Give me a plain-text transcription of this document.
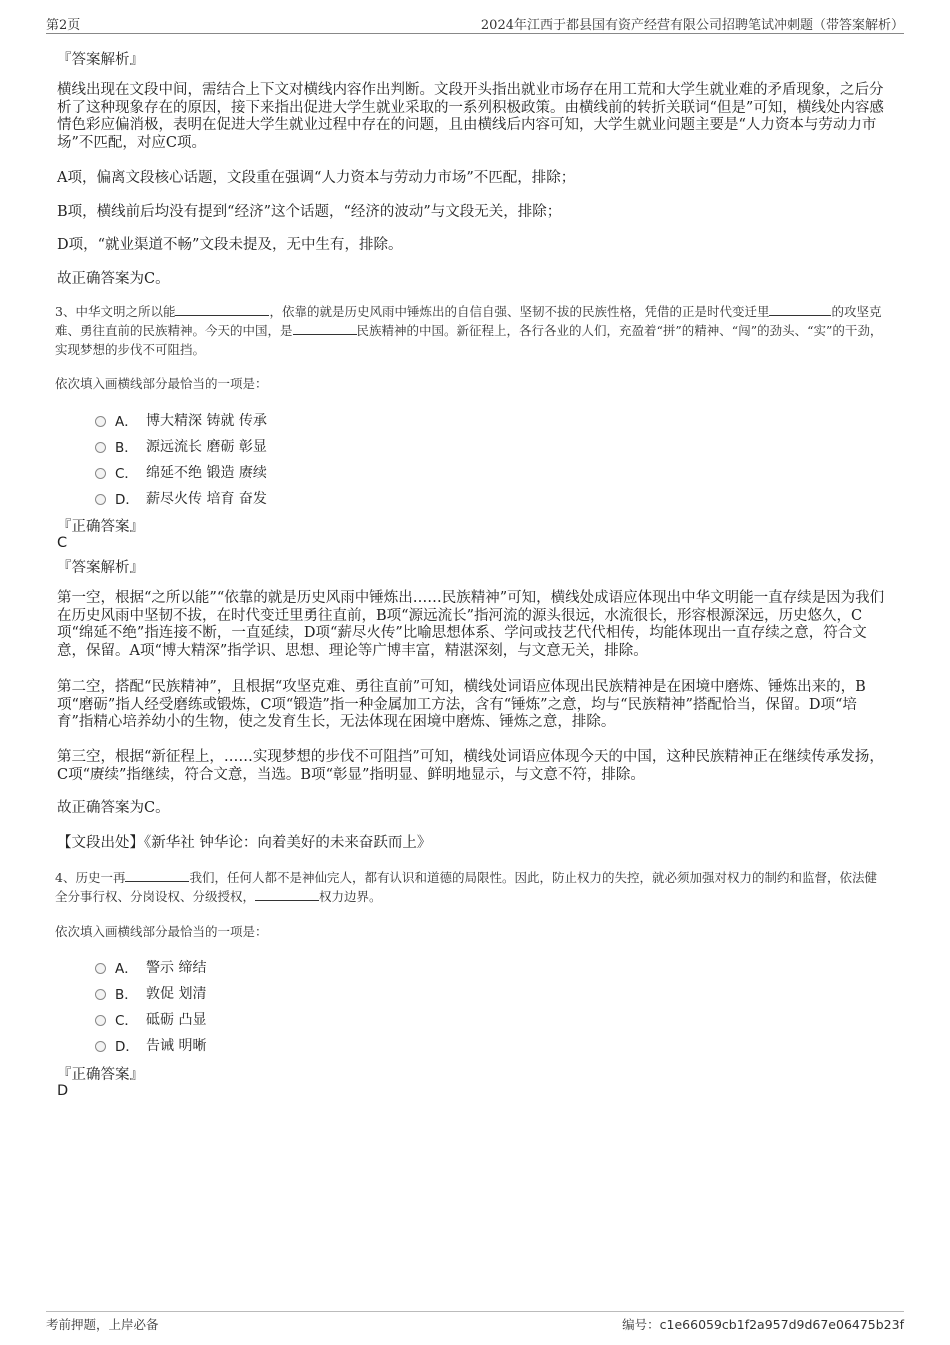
第2页	2024年江西于都县国有资产经营有限公司招聘笔试冲刺题（带答案解析）
『答案解析』
横线出现在文段中间，需结合上下文对横线内容作出判断。文段开头指出就业市场存在用工荒和大学生就业难的矛盾现象，之后分析了这种现象存在的原因，接下来指出促进大学生就业采取的一系列积极政策。由横线前的转折关联词“但是”可知，横线处内容感情色彩应偏消极，表明在促进大学生就业过程中存在的问题，且由横线后内容可知，大学生就业问题主要是“人力资本与劳动力市场”不匹配，对应C项。
A项，偏离文段核心话题，文段重在强调“人力资本与劳动力市场”不匹配，排除；
B项，横线前后均没有提到“经济”这个话题，“经济的波动”与文段无关，排除；
D项，“就业渠道不畅”文段未提及，无中生有，排除。
故正确答案为C。
3、中华文明之所以能	，依靠的就是历史风雨中锤炼出的自信自强、坚韧不拔的民族性格，凭借的正是时代变迁里	的攻坚克难、勇往直前的民族精神。今天的中国，是	民族精神的中国。新征程上，各行各业的人们，充盈着“拼”的精神、“闯”的劲头、“实”的干劲，实现梦想的步伐不可阻挡。
依次填入画横线部分最恰当的一项是：
A． 博大精深 铸就 传承
B． 源远流长 磨砺 彰显
C． 绵延不绝 锻造 赓续
D． 薪尽火传 培育 奋发
『正确答案』
C
『答案解析』
第一空，根据“之所以能”“依靠的就是历史风雨中锤炼出……民族精神”可知，横线处成语应体现出中华文明能一直存续是因为我们在历史风雨中坚韧不拔，在时代变迁里勇往直前，B项“源远流长”指河流的源头很远，水流很长，形容根源深远，历史悠久，C项“绵延不绝”指连接不断，一直延续，D项“薪尽火传”比喻思想体系、学问或技艺代代相传，均能体现出一直存续之意，符合文意，保留。A项“博大精深”指学识、思想、理论等广博丰富，精湛深刻，与文意无关，排除。
第二空，搭配“民族精神”，且根据“攻坚克难、勇往直前”可知，横线处词语应体现出民族精神是在困境中磨炼、锤炼出来的，B项“磨砺”指人经受磨练或锻炼，C项“锻造”指一种金属加工方法，含有“锤炼”之意，均与“民族精神”搭配恰当，保留。D项“培育”指精心培养幼小的生物，使之发育生长，无法体现在困境中磨炼、锤炼之意，排除。
第三空，根据“新征程上，……实现梦想的步伐不可阻挡”可知，横线处词语应体现今天的中国，这种民族精神正在继续传承发扬，C项“赓续”指继续，符合文意，当选。B项“彰显”指明显、鲜明地显示，与文意不符，排除。
故正确答案为C。
【文段出处】《新华社 钟华论：向着美好的未来奋跃而上》
4、历史一再	我们，任何人都不是神仙完人，都有认识和道德的局限性。因此，防止权力的失控，就必须加强对权力的制约和监督，依法健全分事行权、分岗设权、分级授权，	权力边界。
依次填入画横线部分最恰当的一项是：
A． 警示 缔结
B． 敦促 划清
C． 砥砺 凸显
D． 告诫 明晰
『正确答案』
D
考前押题，上岸必备	编号：c1e66059cb1f2a957d9d67e06475b23f
